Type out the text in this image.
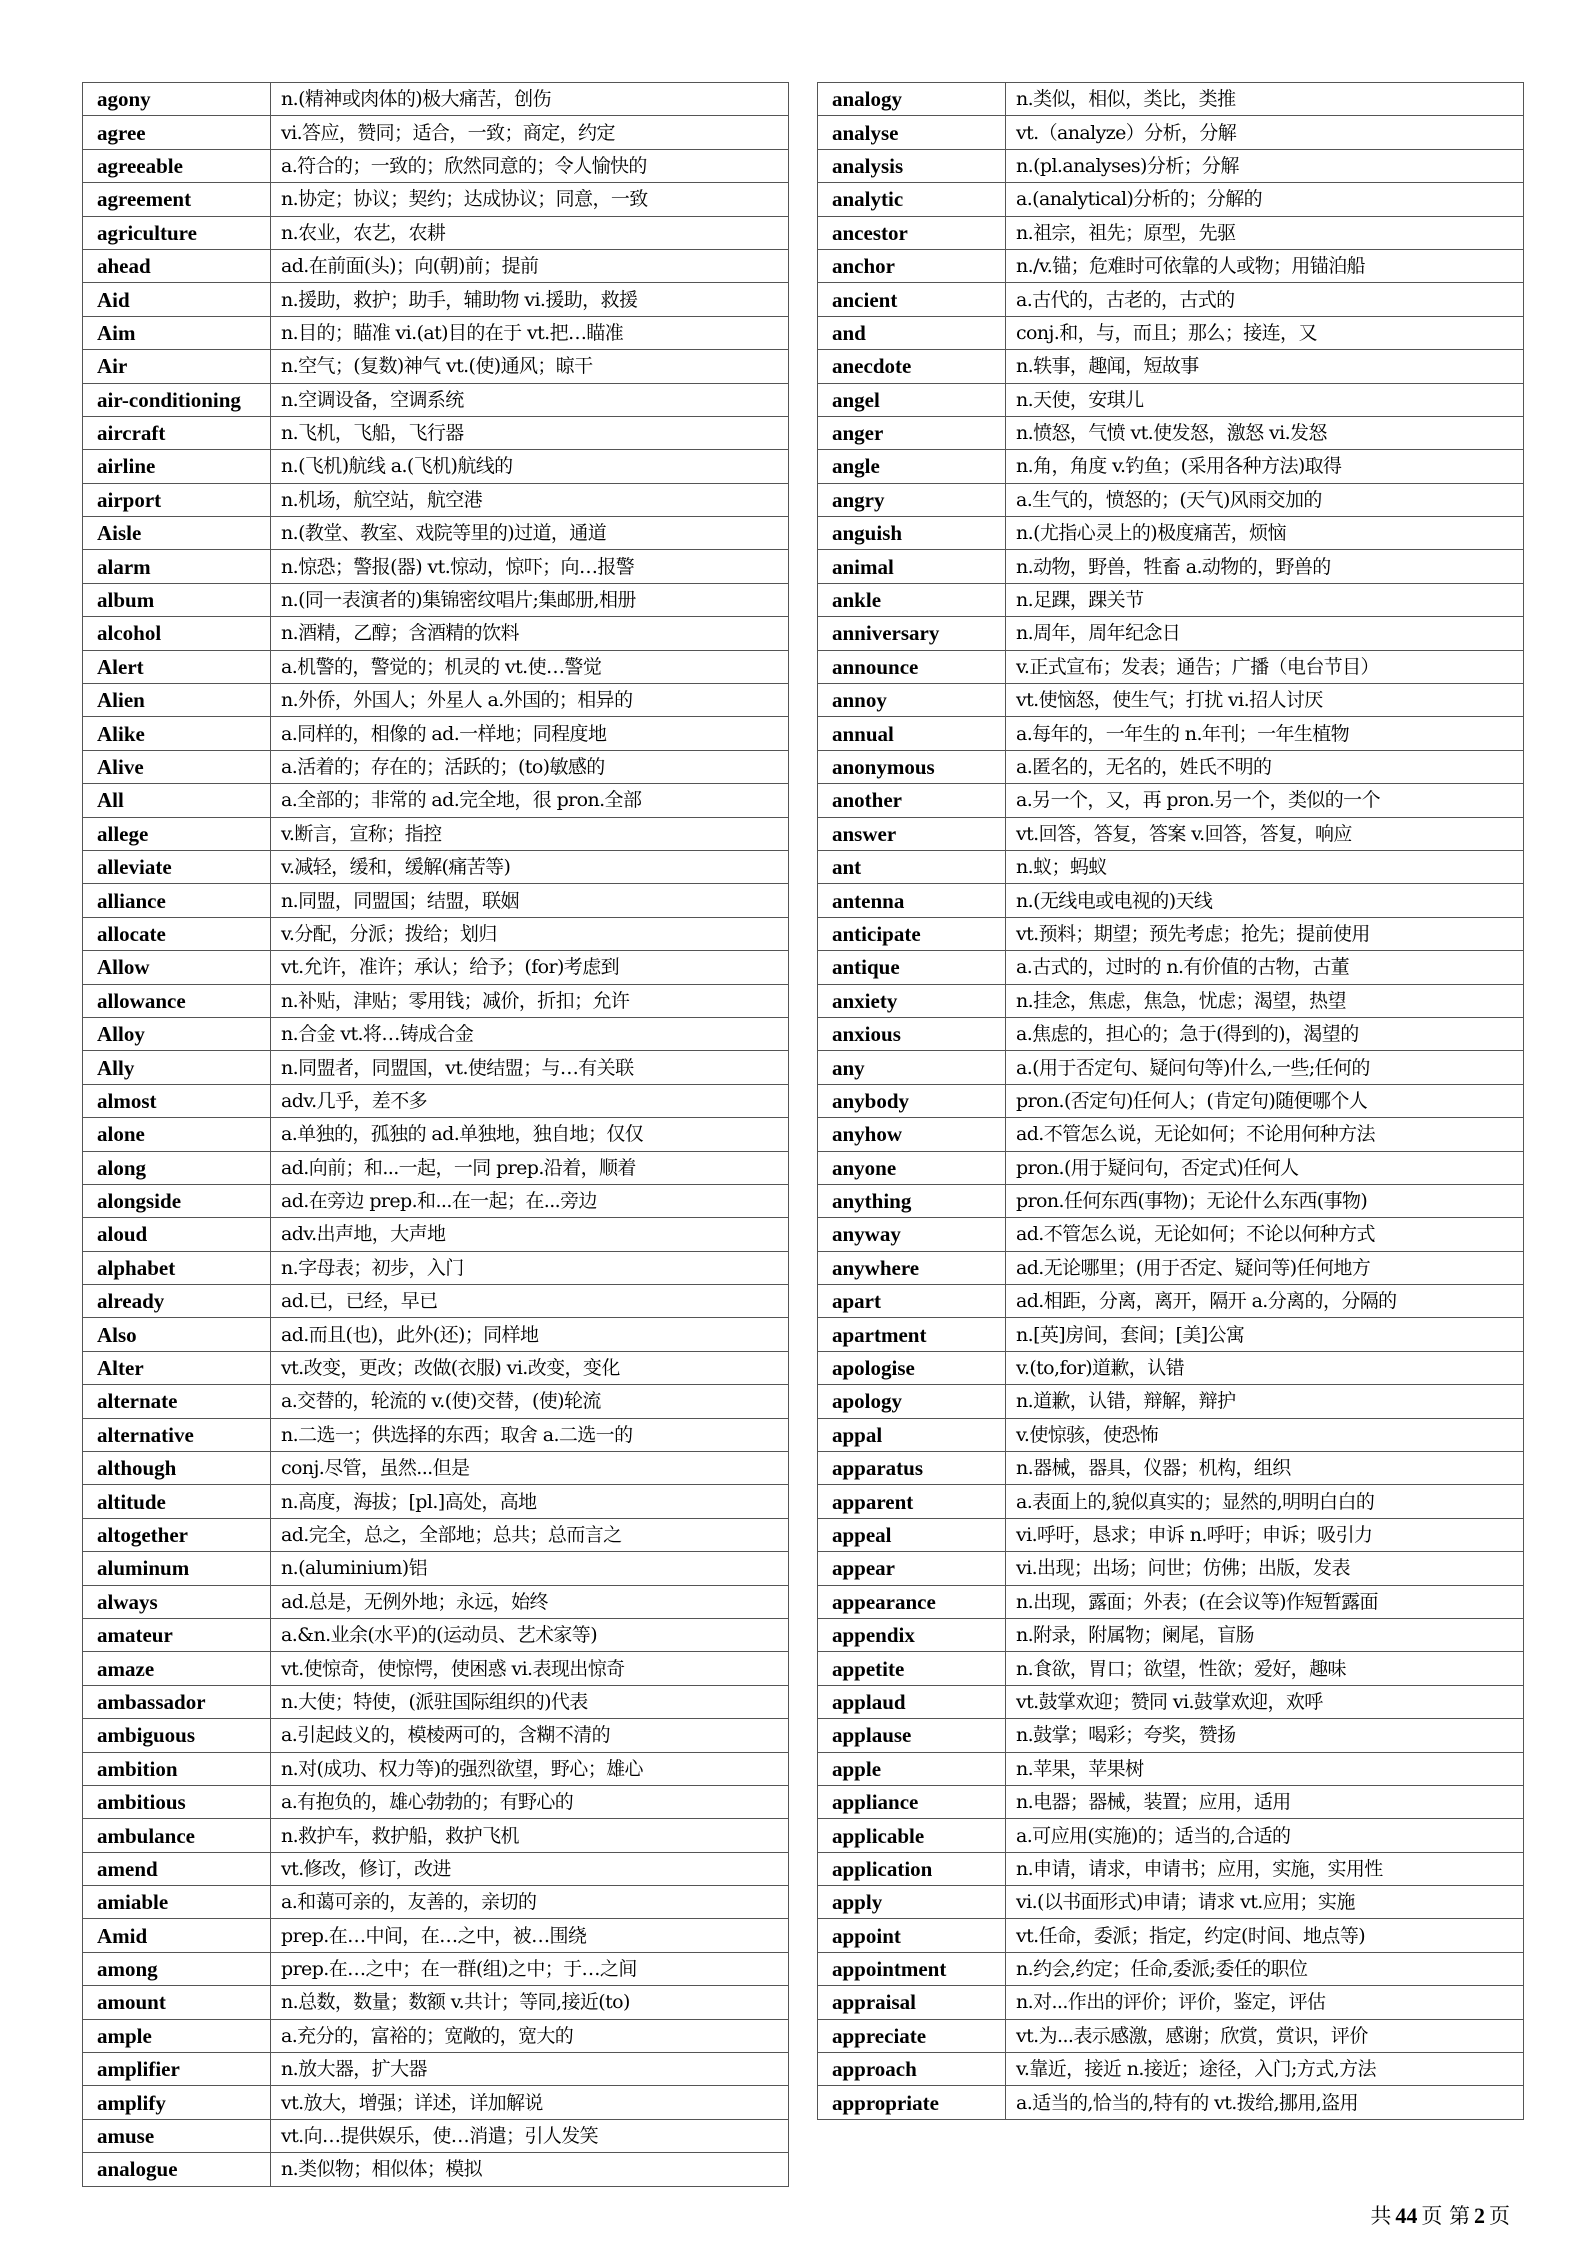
agony	n.(精神或肉体的)极大痛苦，创伤
agree	vi.答应，赞同；适合，一致；商定，约定
agreeable	a.符合的；一致的；欣然同意的；令人愉快的
agreement	n.协定；协议；契约；达成协议；同意，一致
agriculture	n.农业，农艺，农耕
ahead	ad.在前面(头)；向(朝)前；提前
Aid	n.援助，救护；助手，辅助物 vi.援助，救援
Aim	n.目的；瞄准 vi.(at)目的在于 vt.把…瞄准
Air	n.空气；(复数)神气 vt.(使)通风；晾干
air-conditioning	n.空调设备，空调系统
aircraft	n.飞机，飞船，飞行器
airline	n.(飞机)航线 a.(飞机)航线的
airport	n.机场，航空站，航空港
Aisle	n.(教堂、教室、戏院等里的)过道，通道
alarm	n.惊恐；警报(器) vt.惊动，惊吓；向…报警
album	n.(同一表演者的)集锦密纹唱片;集邮册,相册
alcohol	n.酒精，乙醇；含酒精的饮料
Alert	a.机警的，警觉的；机灵的 vt.使…警觉
Alien	n.外侨，外国人；外星人 a.外国的；相异的
Alike	a.同样的，相像的 ad.一样地；同程度地
Alive	a.活着的；存在的；活跃的；(to)敏感的
All	a.全部的；非常的 ad.完全地，很 pron.全部
allege	v.断言，宣称；指控
alleviate	v.减轻，缓和，缓解(痛苦等)
alliance	n.同盟，同盟国；结盟，联姻
allocate	v.分配，分派；拨给；划归
Allow	vt.允许，准许；承认；给予；(for)考虑到
allowance	n.补贴，津贴；零用钱；减价，折扣；允许
Alloy	n.合金 vt.将…铸成合金
Ally	n.同盟者，同盟国，vt.使结盟；与…有关联
almost	adv.几乎，差不多
alone	a.单独的，孤独的 ad.单独地，独自地；仅仅
along	ad.向前；和...一起，一同 prep.沿着，顺着
alongside	ad.在旁边 prep.和...在一起；在...旁边
aloud	adv.出声地，大声地
alphabet	n.字母表；初步，入门
already	ad.已，已经，早已
Also	ad.而且(也)，此外(还)；同样地
Alter	vt.改变，更改；改做(衣服) vi.改变，变化
alternate	a.交替的，轮流的 v.(使)交替，(使)轮流
alternative	n.二选一；供选择的东西；取舍 a.二选一的
although	conj.尽管，虽然...但是
altitude	n.高度，海拔；[pl.]高处，高地
altogether	ad.完全，总之，全部地；总共；总而言之
aluminum	n.(aluminium)铝
always	ad.总是，无例外地；永远，始终
amateur	a.&n.业余(水平)的(运动员、艺术家等)
amaze	vt.使惊奇，使惊愕，使困惑 vi.表现出惊奇
ambassador	n.大使；特使，(派驻国际组织的)代表
ambiguous	a.引起歧义的，模棱两可的，含糊不清的
ambition	n.对(成功、权力等)的强烈欲望，野心；雄心
ambitious	a.有抱负的，雄心勃勃的；有野心的
ambulance	n.救护车，救护船，救护飞机
amend	vt.修改，修订，改进
amiable	a.和蔼可亲的，友善的，亲切的
Amid	prep.在…中间，在…之中，被…围绕
among	prep.在…之中；在一群(组)之中；于…之间
amount	n.总数，数量；数额 v.共计；等同,接近(to)
ample	a.充分的，富裕的；宽敞的，宽大的
amplifier	n.放大器，扩大器
amplify	vt.放大，增强；详述，详加解说
amuse	vt.向…提供娱乐，使…消遣；引人发笑
analogue	n.类似物；相似体；模拟
analogy	n.类似，相似，类比，类推
analyse	vt.（analyze）分析，分解
analysis	n.(pl.analyses)分析；分解
analytic	a.(analytical)分析的；分解的
ancestor	n.祖宗，祖先；原型，先驱
anchor	n./v.锚；危难时可依靠的人或物；用锚泊船
ancient	a.古代的，古老的，古式的
and	conj.和，与，而且；那么；接连，又
anecdote	n.轶事，趣闻，短故事
angel	n.天使，安琪儿
anger	n.愤怒，气愤 vt.使发怒，激怒 vi.发怒
angle	n.角，角度 v.钓鱼；(采用各种方法)取得
angry	a.生气的，愤怒的；(天气)风雨交加的
anguish	n.(尤指心灵上的)极度痛苦，烦恼
animal	n.动物，野兽，牲畜 a.动物的，野兽的
ankle	n.足踝，踝关节
anniversary	n.周年，周年纪念日
announce	v.正式宣布；发表；通告；广播（电台节目）
annoy	vt.使恼怒，使生气；打扰 vi.招人讨厌
annual	a.每年的，一年生的 n.年刊；一年生植物
anonymous	a.匿名的，无名的，姓氏不明的
another	a.另一个，又，再 pron.另一个，类似的一个
answer	vt.回答，答复，答案 v.回答，答复，响应
ant	n.蚁；蚂蚁
antenna	n.(无线电或电视的)天线
anticipate	vt.预料；期望；预先考虑；抢先；提前使用
antique	a.古式的，过时的 n.有价值的古物，古董
anxiety	n.挂念，焦虑，焦急，忧虑；渴望，热望
anxious	a.焦虑的，担心的；急于(得到的)，渴望的
any	a.(用于否定句、疑问句等)什么,一些;任何的
anybody	pron.(否定句)任何人；(肯定句)随便哪个人
anyhow	ad.不管怎么说，无论如何；不论用何种方法
anyone	pron.(用于疑问句，否定式)任何人
anything	pron.任何东西(事物)；无论什么东西(事物)
anyway	ad.不管怎么说，无论如何；不论以何种方式
anywhere	ad.无论哪里；(用于否定、疑问等)任何地方
apart	ad.相距，分离，离开，隔开 a.分离的，分隔的
apartment	n.[英]房间，套间；[美]公寓
apologise	v.(to,for)道歉，认错
apology	n.道歉，认错，辩解，辩护
appal	v.使惊骇，使恐怖
apparatus	n.器械，器具，仪器；机构，组织
apparent	a.表面上的,貌似真实的；显然的,明明白白的
appeal	vi.呼吁，恳求；申诉 n.呼吁；申诉；吸引力
appear	vi.出现；出场；问世；仿佛；出版，发表
appearance	n.出现，露面；外表；(在会议等)作短暂露面
appendix	n.附录，附属物；阑尾，盲肠
appetite	n.食欲，胃口；欲望，性欲；爱好，趣味
applaud	vt.鼓掌欢迎；赞同 vi.鼓掌欢迎，欢呼
applause	n.鼓掌；喝彩；夸奖，赞扬
apple	n.苹果，苹果树
appliance	n.电器；器械，装置；应用，适用
applicable	a.可应用(实施)的；适当的,合适的
application	n.申请，请求，申请书；应用，实施，实用性
apply	vi.(以书面形式)申请；请求 vt.应用；实施
appoint	vt.任命，委派；指定，约定(时间、地点等)
appointment	n.约会,约定；任命,委派;委任的职位
appraisal	n.对...作出的评价；评价，鉴定，评估
appreciate	vt.为...表示感激，感谢；欣赏，赏识，评价
approach	v.靠近，接近 n.接近；途径，入门;方式,方法
appropriate	a.适当的,恰当的,特有的 vt.拨给,挪用,盗用
共 44 页 第 2 页
